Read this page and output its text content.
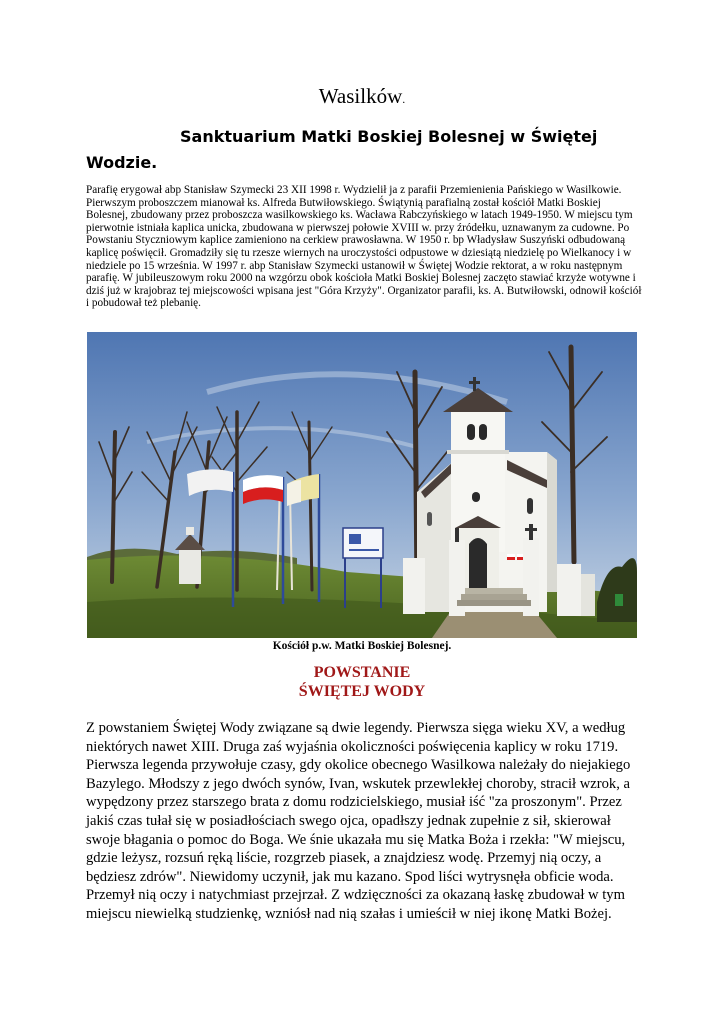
Wasilków.
Sanktuarium Matki Boskiej Bolesnej w Świętej
Wodzie.

Parafię erygował abp Stanisław Szymecki 23 XII 1998 r. Wydzielił ja z parafii Przemienienia Pańskiego w Wasilkowie. Pierwszym proboszczem mianował ks. Alfreda Butwiłowskiego. Świątynią parafialną został kościół Matki Boskiej Bolesnej, zbudowany przez proboszcza wasilkowskiego ks. Wacława Rabczyńskiego w latach 1949-1950. W miejscu tym pierwotnie istniała kaplica unicka, zbudowana w pierwszej połowie XVIII w. przy źródełku, uznawanym za cudowne. Po Powstaniu Styczniowym kaplice zamieniono na cerkiew prawosławna. W 1950 r. bp Władysław Suszyński odbudowaną kaplicę poświęcił. Gromadziły się tu rzesze wiernych na uroczystości odpustowe w dziesiątą niedzielę po Wielkanocy i w niedziele po 15 września. W 1997 r. abp Stanisław Szymecki ustanowił w Świętej Wodzie rektorat, a w roku następnym parafię. W jubileuszowym roku 2000 na wzgórzu obok kościoła Matki Boskiej Bolesnej zaczęto stawiać krzyże wotywne i dziś już w krajobraz tej miejscowości wpisana jest "Góra Krzyży". Organizator parafii, ks. A. Butwiłowski, odnowił kościół i pobudował też plebanię.

Kościół p.w. Matki Boskiej Bolesnej.
POWSTANIE
ŚWIĘTEJ WODY

Z powstaniem Świętej Wody związane są dwie legendy. Pierwsza sięga wieku XV, a według niektórych nawet XIII. Druga zaś wyjaśnia okoliczności poświęcenia kaplicy w roku 1719. Pierwsza legenda przywołuje czasy, gdy okolice obecnego Wasilkowa należały do niejakiego Bazylego. Młodszy z jego dwóch synów, Ivan, wskutek przewlekłej choroby, stracił wzrok, a wypędzony przez starszego brata z domu rodzicielskiego, musiał iść "za proszonym". Przez jakiś czas tułał się w posiadłościach swego ojca, opadłszy jednak zupełnie z sił, skierował swoje błagania o pomoc do Boga. We śnie ukazała mu się Matka Boża i rzekła: "W miejscu, gdzie leżysz, rozsuń ręką liście, rozgrzeb piasek, a znajdziesz wodę. Przemyj nią oczy, a będziesz zdrów". Niewidomy uczynił, jak mu kazano. Spod liści wytrysnęła obficie woda. Przemył nią oczy i natychmiast przejrzał. Z wdzięczności za okazaną łaskę zbudował w tym miejscu niewielką studzienkę, wzniósł nad nią szałas i umieścił w niej ikonę Matki Bożej.
